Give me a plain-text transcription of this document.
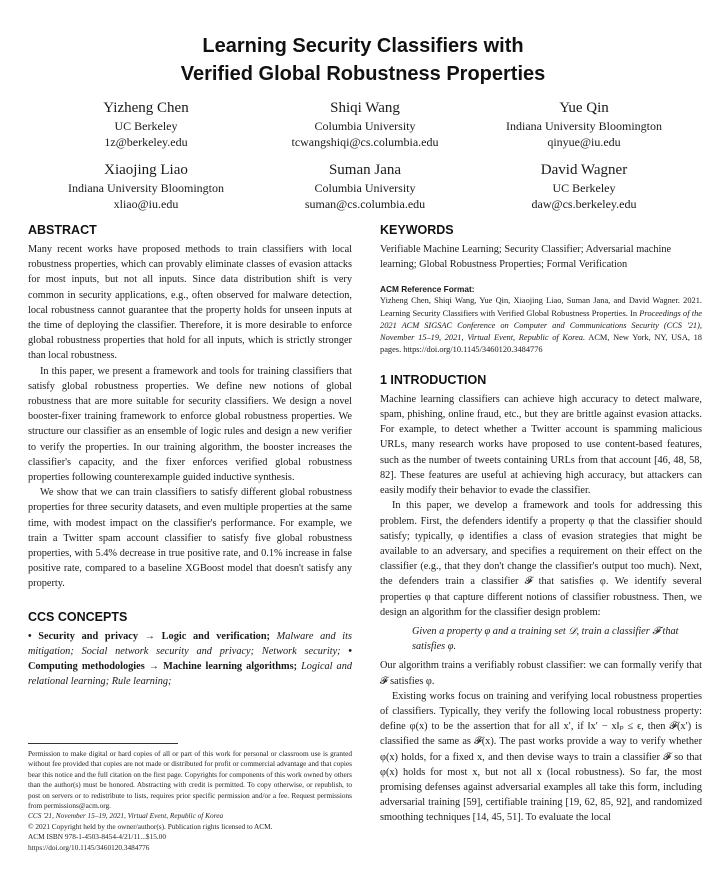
Learning Security Classifiers with
Verified Global Robustness Properties
Yizheng Chen
UC Berkeley
1z@berkeley.edu
Shiqi Wang
Columbia University
tcwangshiqi@cs.columbia.edu
Yue Qin
Indiana University Bloomington
qinyue@iu.edu
Xiaojing Liao
Indiana University Bloomington
xliao@iu.edu
Suman Jana
Columbia University
suman@cs.columbia.edu
David Wagner
UC Berkeley
daw@cs.berkeley.edu
ABSTRACT

Many recent works have proposed methods to train classifiers with local robustness properties, which can provably eliminate classes of evasion attacks for most inputs, but not all inputs. Since data distribution shift is very common in security applications, e.g., often observed for malware detection, local robustness cannot guarantee that the property holds for unseen inputs at the time of deploying the classifier. Therefore, it is more desirable to enforce global robustness properties that hold for all inputs, which is strictly stronger than local robustness.

In this paper, we present a framework and tools for training classifiers that satisfy global robustness properties. We define new notions of global robustness that are more suitable for security classifiers. We design a novel booster-fixer training framework to enforce global robustness properties. We structure our classifier as an ensemble of logic rules and design a new verifier to verify the properties. In our training algorithm, the booster increases the classifier's capacity, and the fixer enforces verified global robustness properties following counterexample guided inductive synthesis.

We show that we can train classifiers to satisfy different global robustness properties for three security datasets, and even multiple properties at the same time, with modest impact on the classifier's performance. For example, we train a Twitter spam account classifier to satisfy five global robustness properties, with 5.4% decrease in true positive rate, and 0.1% increase in false positive rate, compared to a baseline XGBoost model that doesn't satisfy any property.

CCS CONCEPTS

• Security and privacy → Logic and verification; Malware and its mitigation; Social network security and privacy; Network security; • Computing methodologies → Machine learning algorithms; Logical and relational learning; Rule learning;

Permission to make digital or hard copies of all or part of this work for personal or classroom use is granted without fee provided that copies are not made or distributed for profit or commercial advantage and that copies bear this notice and the full citation on the first page. Copyrights for components of this work owned by others than the author(s) must be honored. Abstracting with credit is permitted. To copy otherwise, or republish, to post on servers or to redistribute to lists, requires prior specific permission and/or a fee. Request permissions from permissions@acm.org.

CCS '21, November 15–19, 2021, Virtual Event, Republic of Korea

© 2021 Copyright held by the owner/author(s). Publication rights licensed to ACM.

ACM ISBN 978-1-4503-8454-4/21/11...$15.00

https://doi.org/10.1145/3460120.3484776

KEYWORDS

Verifiable Machine Learning; Security Classifier; Adversarial machine learning; Global Robustness Properties; Formal Verification

ACM Reference Format:
Yizheng Chen, Shiqi Wang, Yue Qin, Xiaojing Liao, Suman Jana, and David Wagner. 2021. Learning Security Classifiers with Verified Global Robustness Properties. In Proceedings of the 2021 ACM SIGSAC Conference on Computer and Communications Security (CCS '21), November 15–19, 2021, Virtual Event, Republic of Korea. ACM, New York, NY, USA, 18 pages. https://doi.org/10.1145/3460120.3484776
1 INTRODUCTION

Machine learning classifiers can achieve high accuracy to detect malware, spam, phishing, online fraud, etc., but they are brittle against evasion attacks. For example, to detect whether a Twitter account is spamming malicious URLs, many research works have proposed to use content-based features, such as the number of tweets containing URLs from that account [46, 48, 58, 82]. These features are useful at achieving high accuracy, but attackers can easily modify their behavior to evade the classifier.

In this paper, we develop a framework and tools for addressing this problem. First, the defenders identify a property φ that the classifier should satisfy; typically, φ identifies a class of evasion strategies that might be available to an adversary, and specifies a requirement on their effect on the classifier (e.g., that they don't change the classifier's output too much). Next, the defenders train a classifier 𝓕 that satisfies φ. We identify several properties φ that capture different notions of classifier robustness. Then, we design an algorithm for the classifier design problem:

Given a property φ and a training set 𝒟, train a classifier 𝓕 that satisfies φ.

Our algorithm trains a verifiably robust classifier: we can formally verify that 𝓕 satisfies φ.

Existing works focus on training and verifying local robustness properties of classifiers. Typically, they verify the following local robustness property: define φ(x) to be the assertion that for all x′, if ‖x′ − x‖ₚ ≤ ϵ, then 𝓕(x′) is classified the same as 𝓕(x). The past works provide a way to verify whether φ(x) holds, for a fixed x, and then devise ways to train a classifier 𝓕 so that φ(x) holds for most x, but not all x (local robustness). So far, the most promising defenses against adversarial examples all take this form, including adversarial training [59], certifiable training [19, 62, 85, 92], and randomized smoothing techniques [14, 45, 51]. To evaluate the local
